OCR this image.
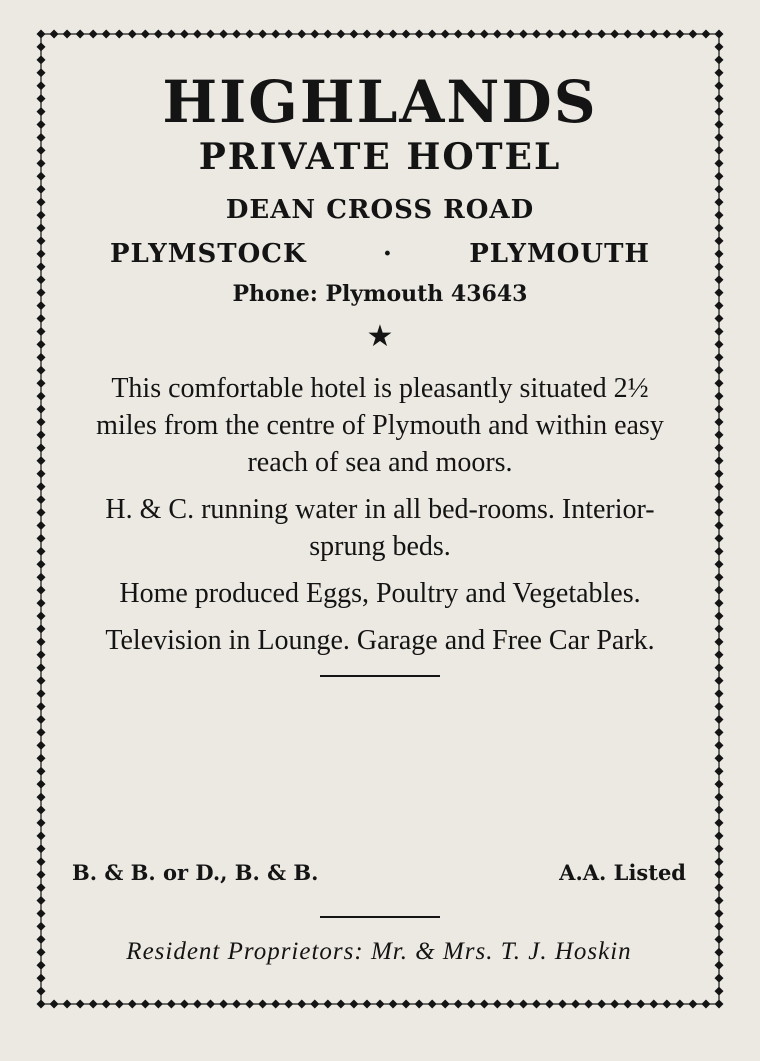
HIGHLANDS
PRIVATE HOTEL
DEAN CROSS ROAD
PLYMSTOCK	·	PLYMOUTH
Phone: Plymouth 43643
★

This comfortable hotel is pleasantly situated 2½ miles from the centre of Plymouth and within easy reach of sea and moors.

H. & C. running water in all bed-rooms. Interior-sprung beds.

Home produced Eggs, Poultry and Vegetables.

Television in Lounge. Garage and Free Car Park.

B. & B. or D., B. & B.	A.A. Listed
Resident Proprietors: Mr. & Mrs. T. J. Hoskin
